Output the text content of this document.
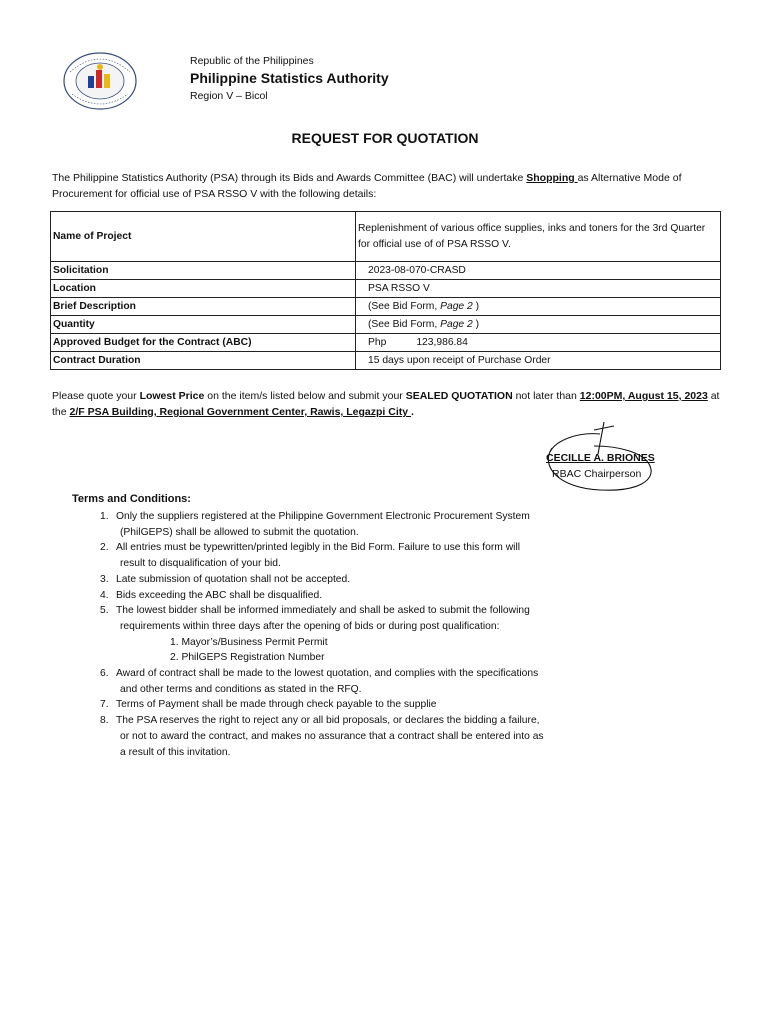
Republic of the Philippines
Philippine Statistics Authority
Region V – Bicol
REQUEST FOR QUOTATION
The Philippine Statistics Authority (PSA) through its Bids and Awards Committee (BAC) will undertake Shopping as Alternative Mode of Procurement for official use of PSA RSSO V with the following details:
Name of Project	Replenishment of various office supplies, inks and toners for the 3rd Quarter for official use of of PSA RSSO V.
Solicitation	2023-08-070-CRASD
Location	PSA RSSO V
Brief Description	(See Bid Form, Page 2 )
Quantity	(See Bid Form, Page 2 )
Approved Budget for the Contract (ABC)	Php 123,986.84
Contract Duration	15 days upon receipt of Purchase Order
Please quote your Lowest Price on the item/s listed below and submit your SEALED QUOTATION not later than 12:00PM, August 15, 2023 at the 2/F PSA Building, Regional Government Center, Rawis, Legazpi City .
CECILLE A. BRIONES
RBAC Chairperson
Terms and Conditions:
1. Only the suppliers registered at the Philippine Government Electronic Procurement System
(PhilGEPS) shall be allowed to submit the quotation.
2. All entries must be typewritten/printed legibly in the Bid Form. Failure to use this form will
result to disqualification of your bid.
3. Late submission of quotation shall not be accepted.
4. Bids exceeding the ABC shall be disqualified.
5. The lowest bidder shall be informed immediately and shall be asked to submit the following
requirements within three days after the opening of bids or during post qualification:
1. Mayor’s/Business Permit Permit
2. PhilGEPS Registration Number
6. Award of contract shall be made to the lowest quotation, and complies with the specifications
and other terms and conditions as stated in the RFQ.
7. Terms of Payment shall be made through check payable to the supplie
8. The PSA reserves the right to reject any or all bid proposals, or declares the bidding a failure,
or not to award the contract, and makes no assurance that a contract shall be entered into as
a result of this invitation.
